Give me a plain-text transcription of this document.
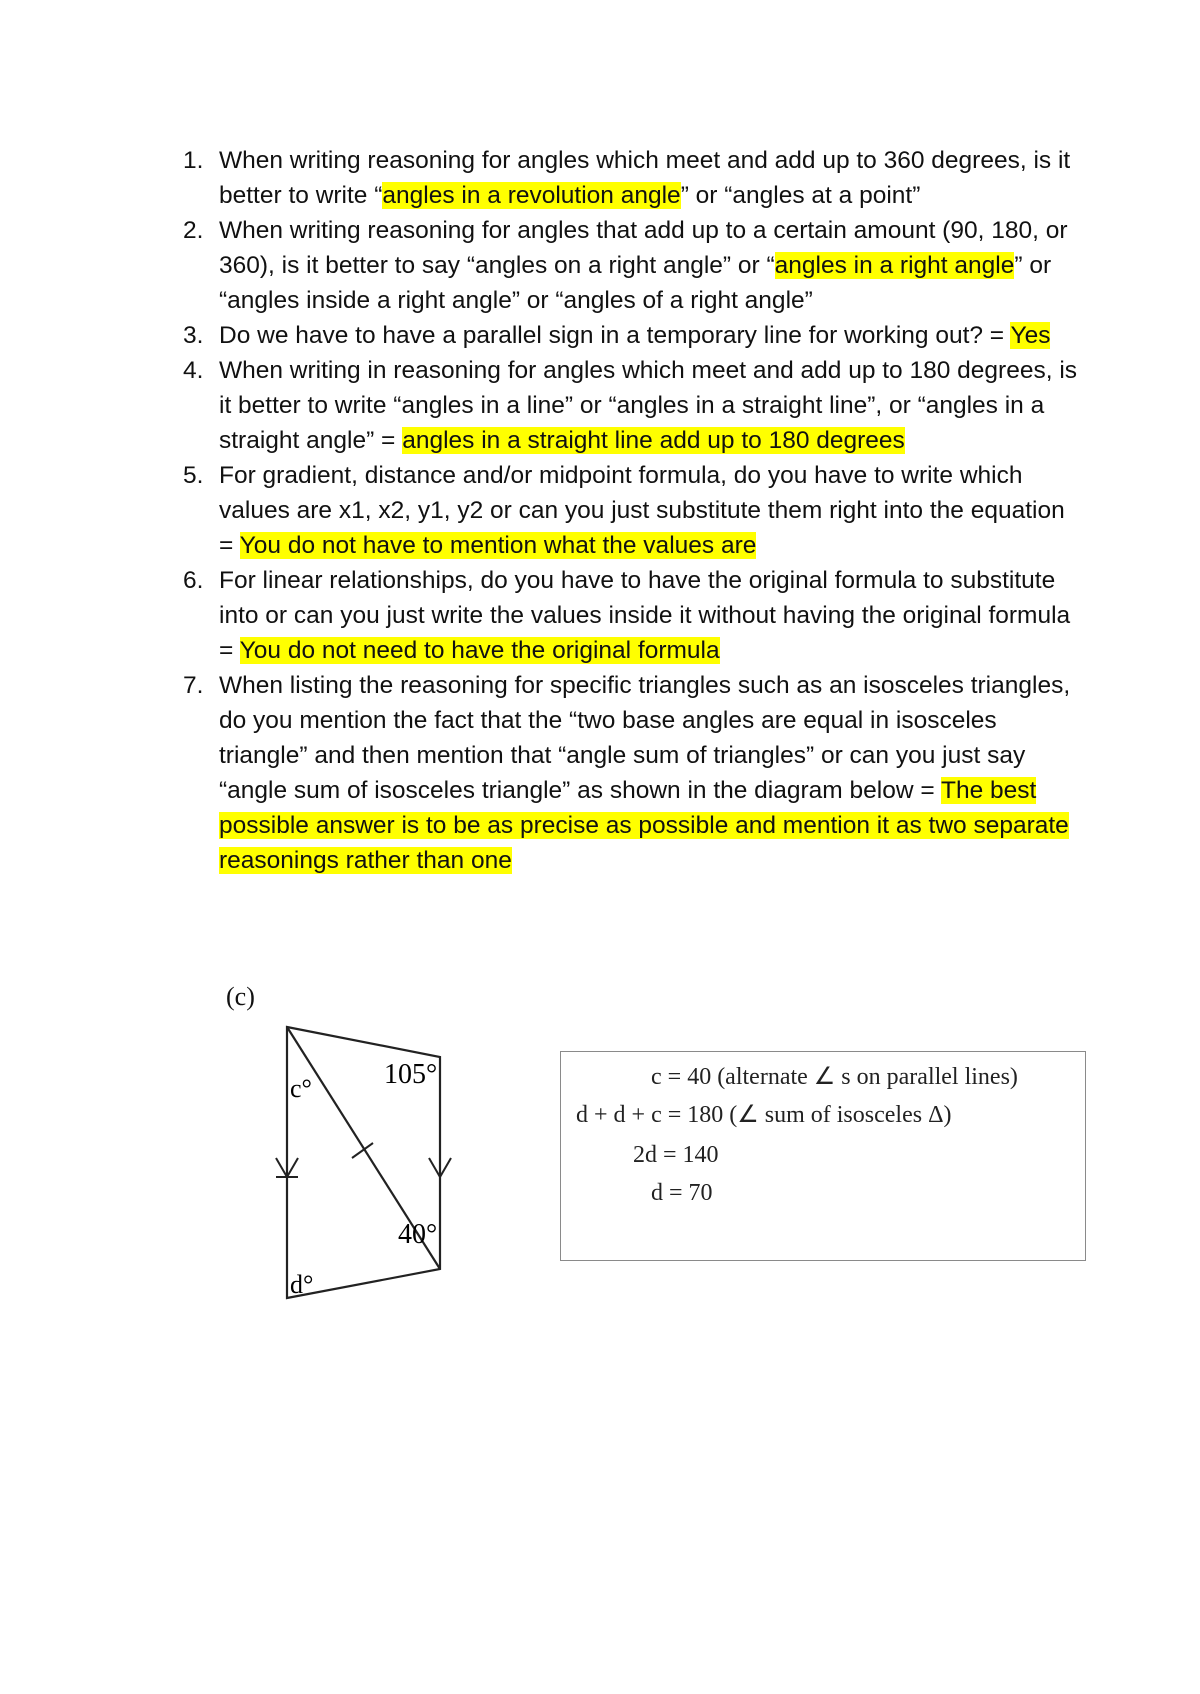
1. When writing reasoning for angles which meet and add up to 360 degrees, is it better to write “angles in a revolution angle” or “angles at a point”
2. When writing reasoning for angles that add up to a certain amount (90, 180, or 360), is it better to say “angles on a right angle” or “angles in a right angle” or “angles inside a right angle” or “angles of a right angle”
3. Do we have to have a parallel sign in a temporary line for working out? = Yes
4. When writing in reasoning for angles which meet and add up to 180 degrees, is it better to write “angles in a line” or “angles in a straight line”, or “angles in a straight angle” = angles in a straight line add up to 180 degrees
5. For gradient, distance and/or midpoint formula, do you have to write which values are x1, x2, y1, y2 or can you just substitute them right into the equation = You do not have to mention what the values are
6. For linear relationships, do you have to have the original formula to substitute into or can you just write the values inside it without having the original formula = You do not need to have the original formula
7. When listing the reasoning for specific triangles such as an isosceles triangles, do you mention the fact that the “two base angles are equal in isosceles triangle” and then mention that “angle sum of triangles” or can you just say “angle sum of isosceles triangle” as shown in the diagram below = The best possible answer is to be as precise as possible and mention it as two separate reasonings rather than one
(c)
c°	105°
40°
d°
c = 40 (alternate ∠ s on parallel lines)
d + d + c = 180 (∠ sum of isosceles Δ)
2d = 140
d = 70
